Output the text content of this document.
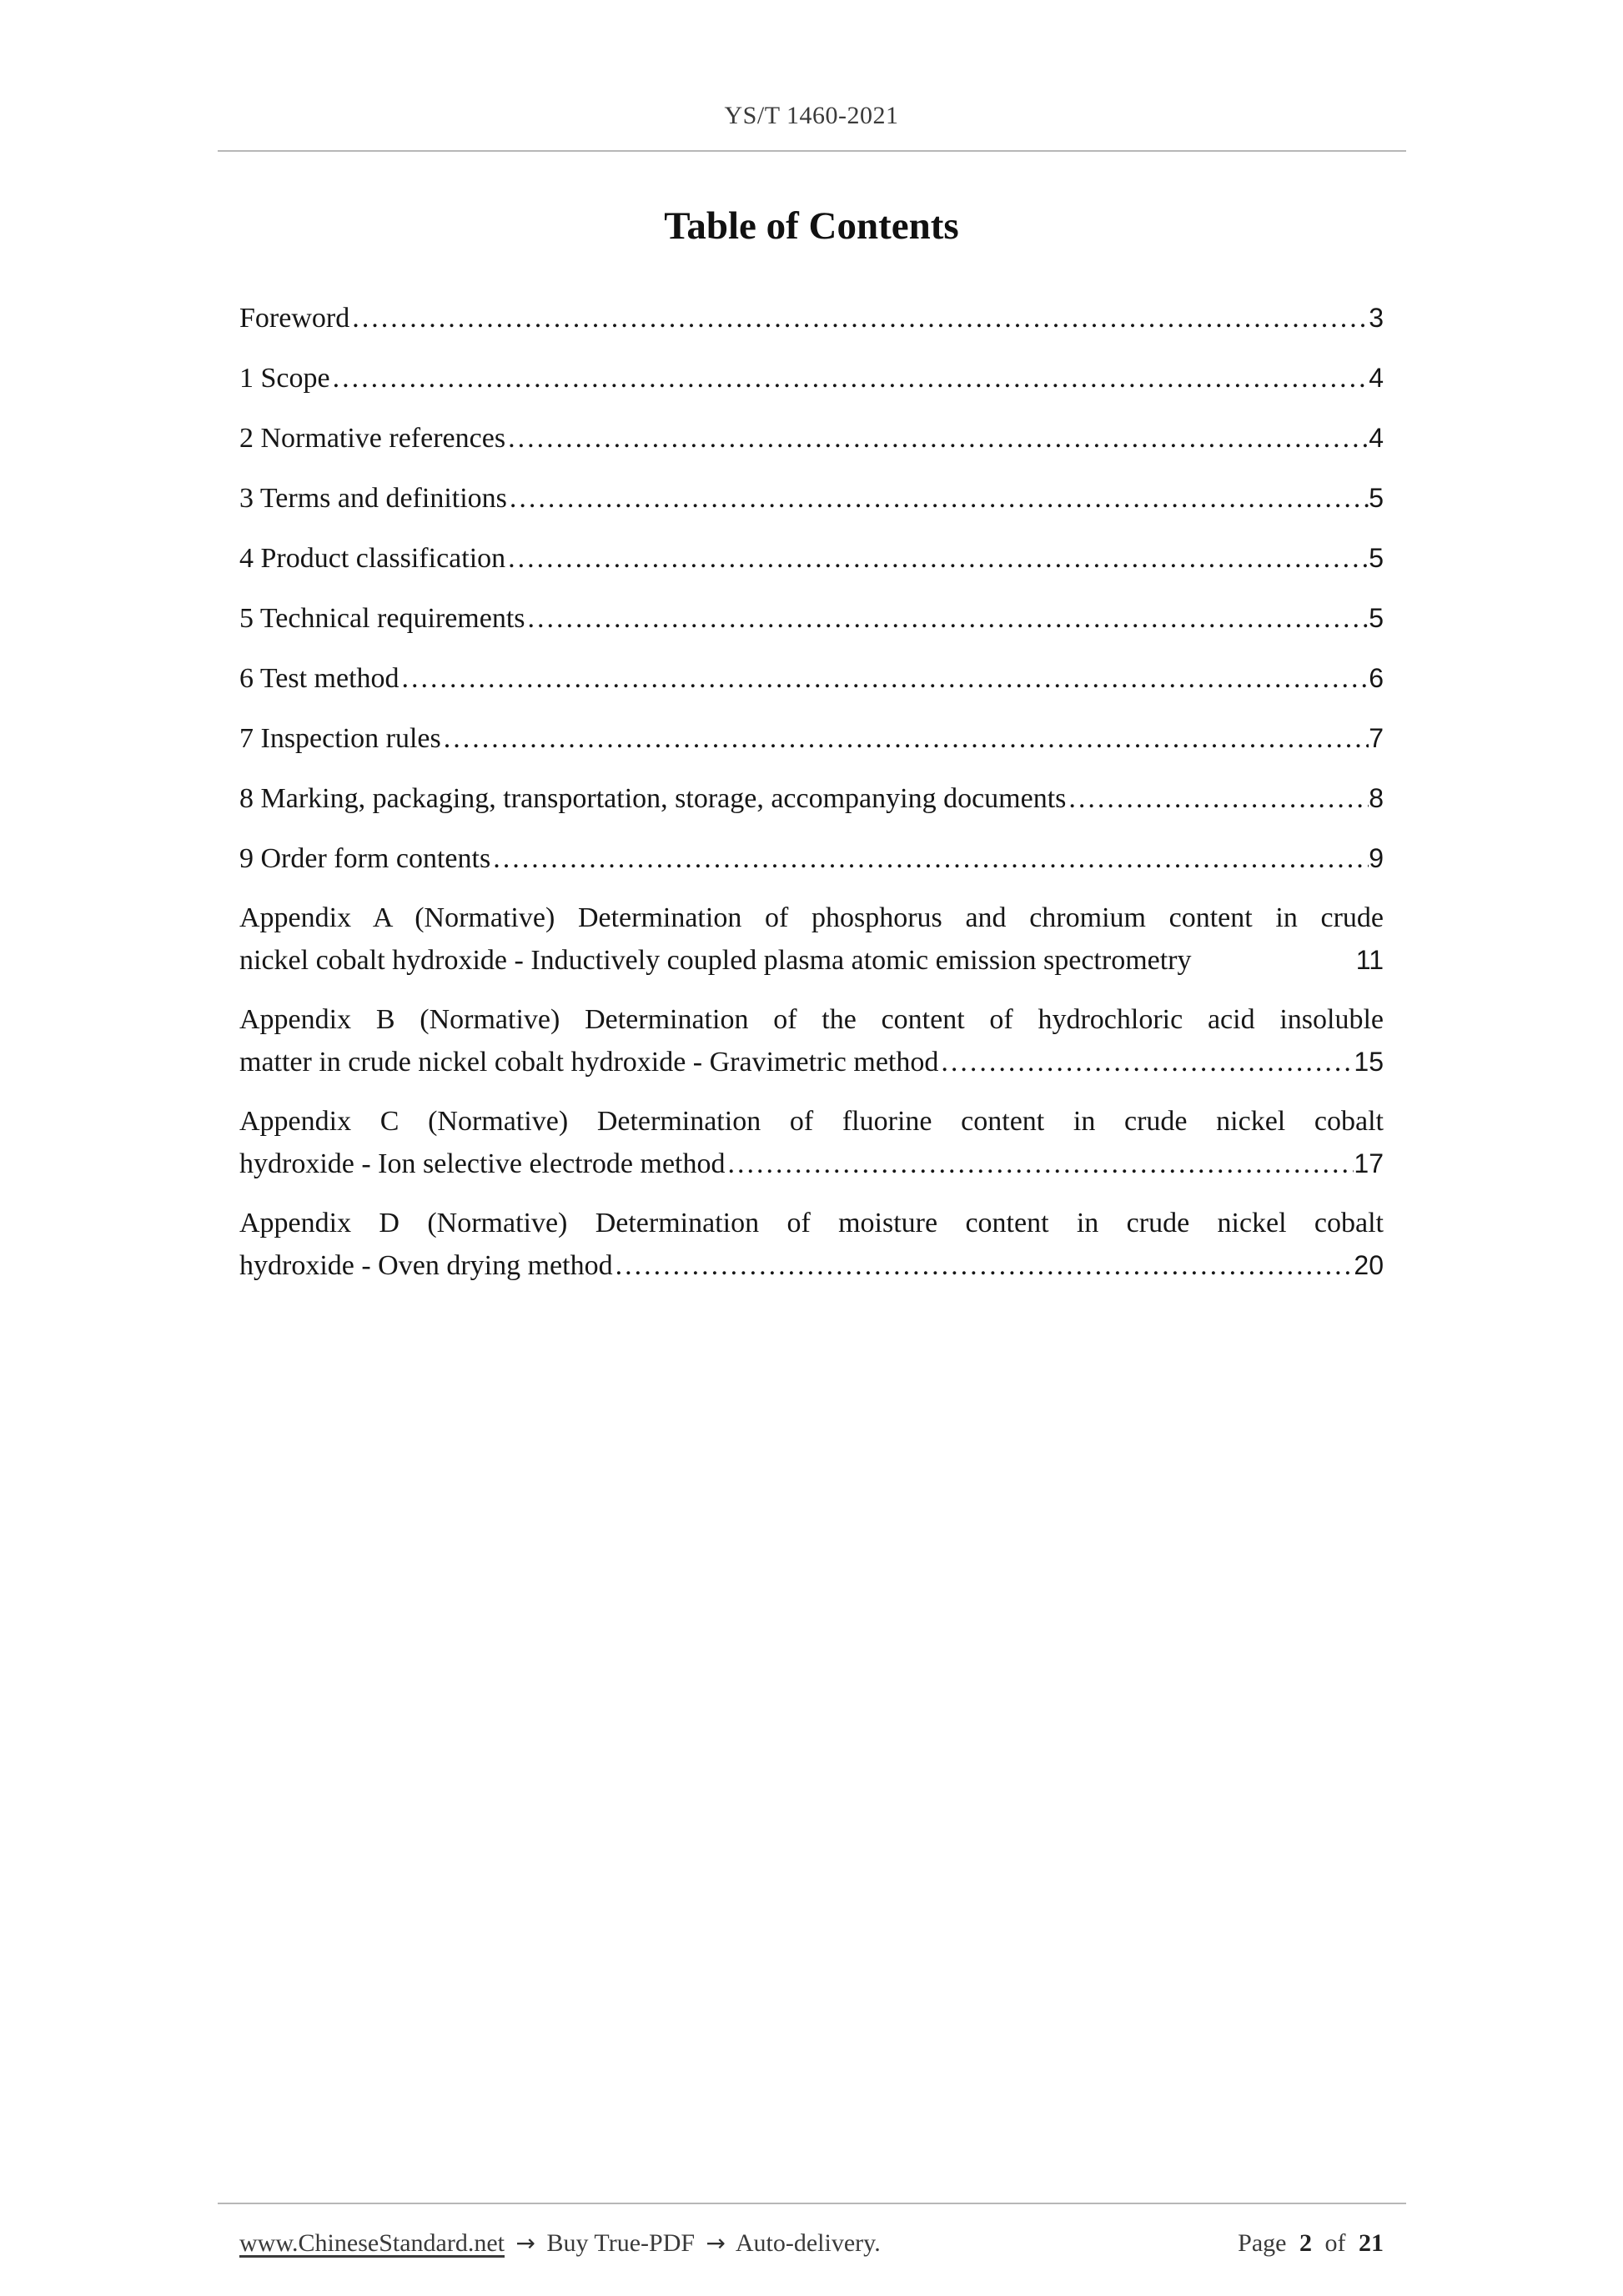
YS/T 1460-2021
Table of Contents
Foreword .....	3
1 Scope .....	4
2 Normative references .....	4
3 Terms and definitions .....	5
4 Product classification .....	5
5 Technical requirements .....	5
6 Test method .....	6
7 Inspection rules .....	7
8 Marking, packaging, transportation, storage, accompanying documents .....	8
9 Order form contents .....	9
Appendix A (Normative) Determination of phosphorus and chromium content in crude
nickel cobalt hydroxide - Inductively coupled plasma atomic emission spectrometry	11
Appendix B (Normative) Determination of the content of hydrochloric acid insoluble
matter in crude nickel cobalt hydroxide - Gravimetric method .....	15
Appendix C (Normative) Determination of fluorine content in crude nickel cobalt
hydroxide - Ion selective electrode method .....	17
Appendix D (Normative) Determination of moisture content in crude nickel cobalt
hydroxide - Oven drying method .....	20
www.ChineseStandard.net → Buy True-PDF → Auto-delivery.	Page 2 of 21
